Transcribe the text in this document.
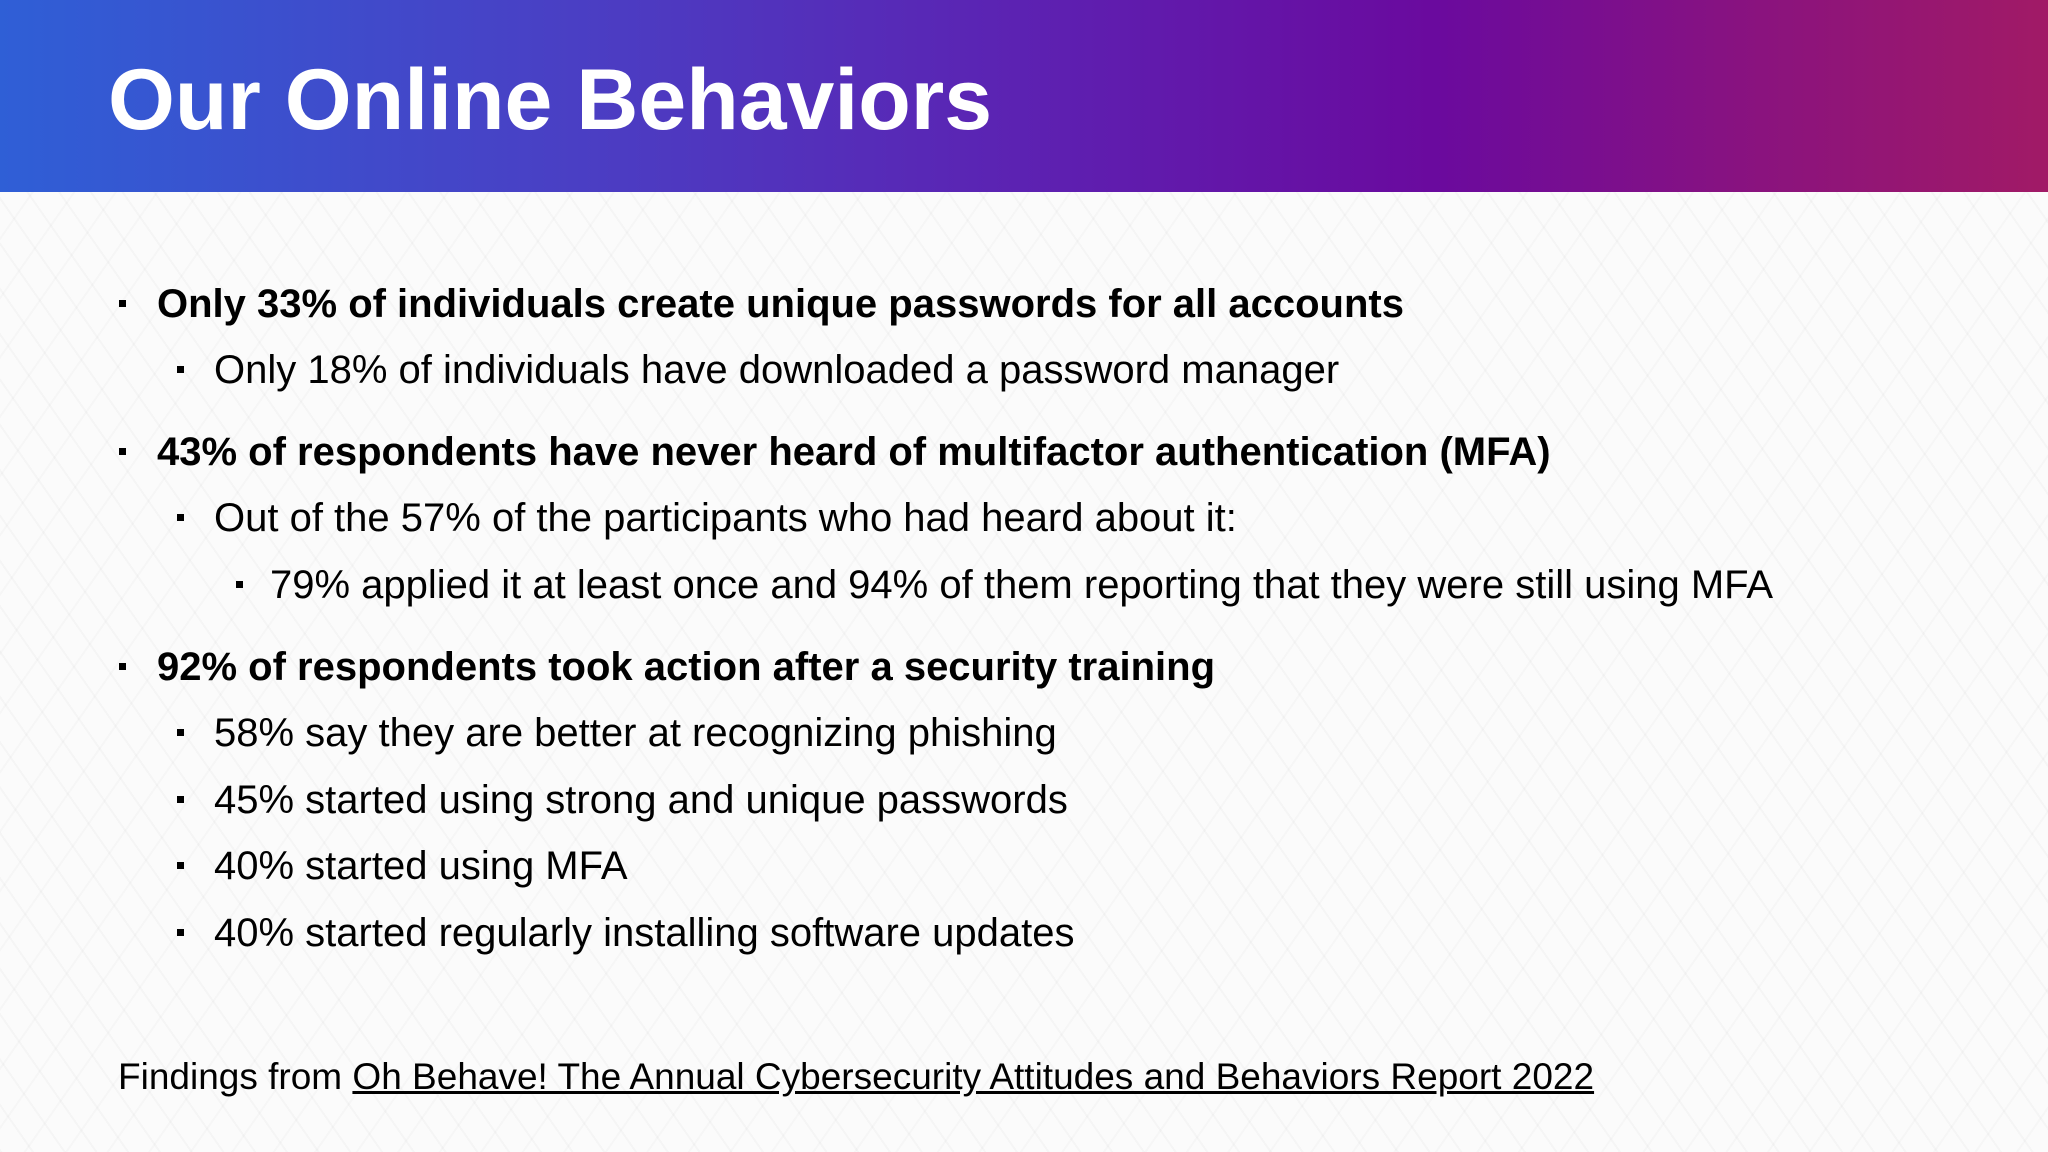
Our Online Behaviors
Only 33% of individuals create unique passwords for all accounts
Only 18% of individuals have downloaded a password manager
43% of respondents have never heard of multifactor authentication (MFA)
Out of the 57% of the participants who had heard about it:
79% applied it at least once and 94% of them reporting that they were still using MFA
92% of respondents took action after a security training
58% say they are better at recognizing phishing
45% started using strong and unique passwords
40% started using MFA
40% started regularly installing software updates

Findings from Oh Behave! The Annual Cybersecurity Attitudes and Behaviors Report 2022
